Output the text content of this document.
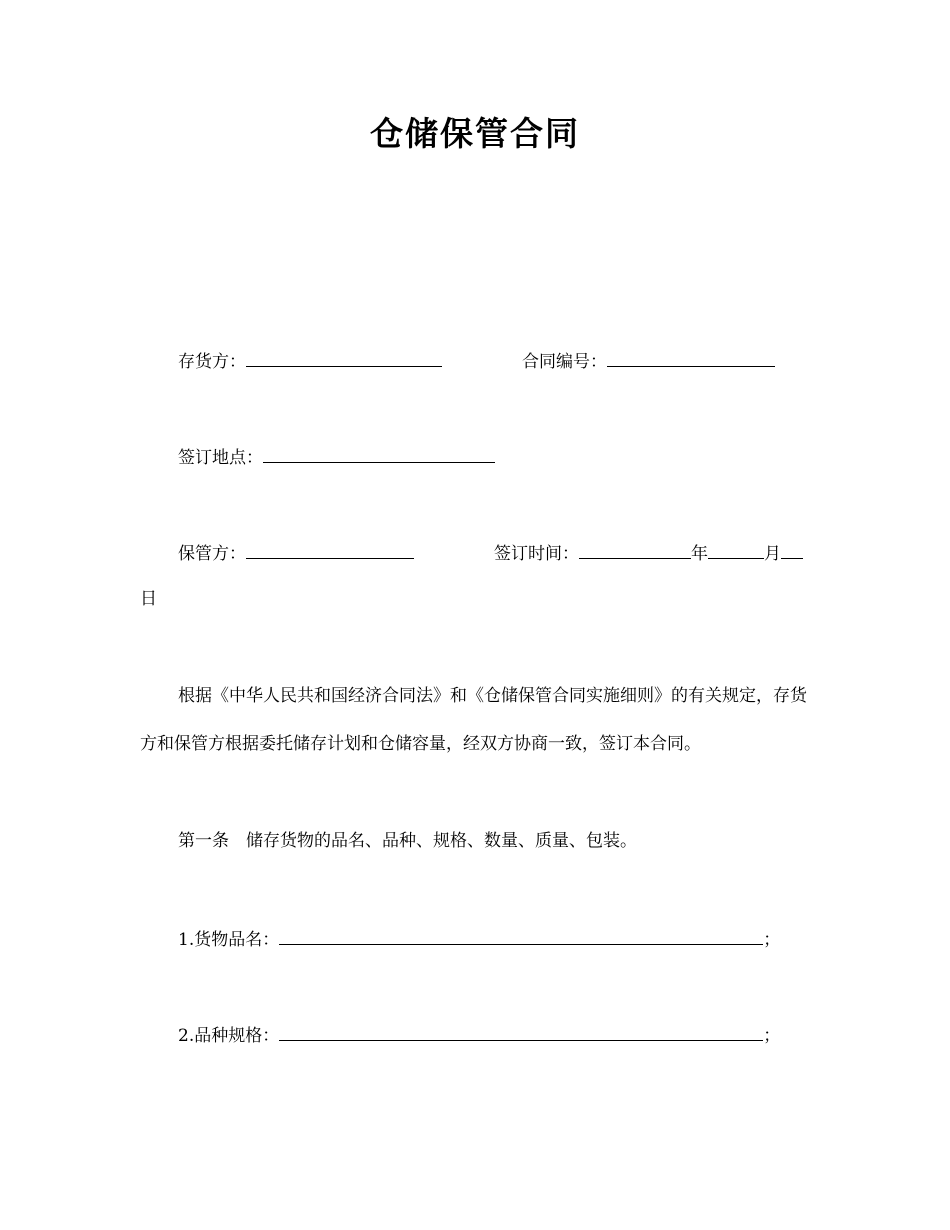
仓储保管合同
存货方：	合同编号：
签订地点：
保管方：	签订时间：	年	月
日
根据《中华人民共和国经济合同法》和《仓储保管合同实施细则》的有关规定，存货方和保管方根据委托储存计划和仓储容量，经双方协商一致，签订本合同。
第一条　储存货物的品名、品种、规格、数量、质量、包装。
1.货物品名：	；
2.品种规格：	；
